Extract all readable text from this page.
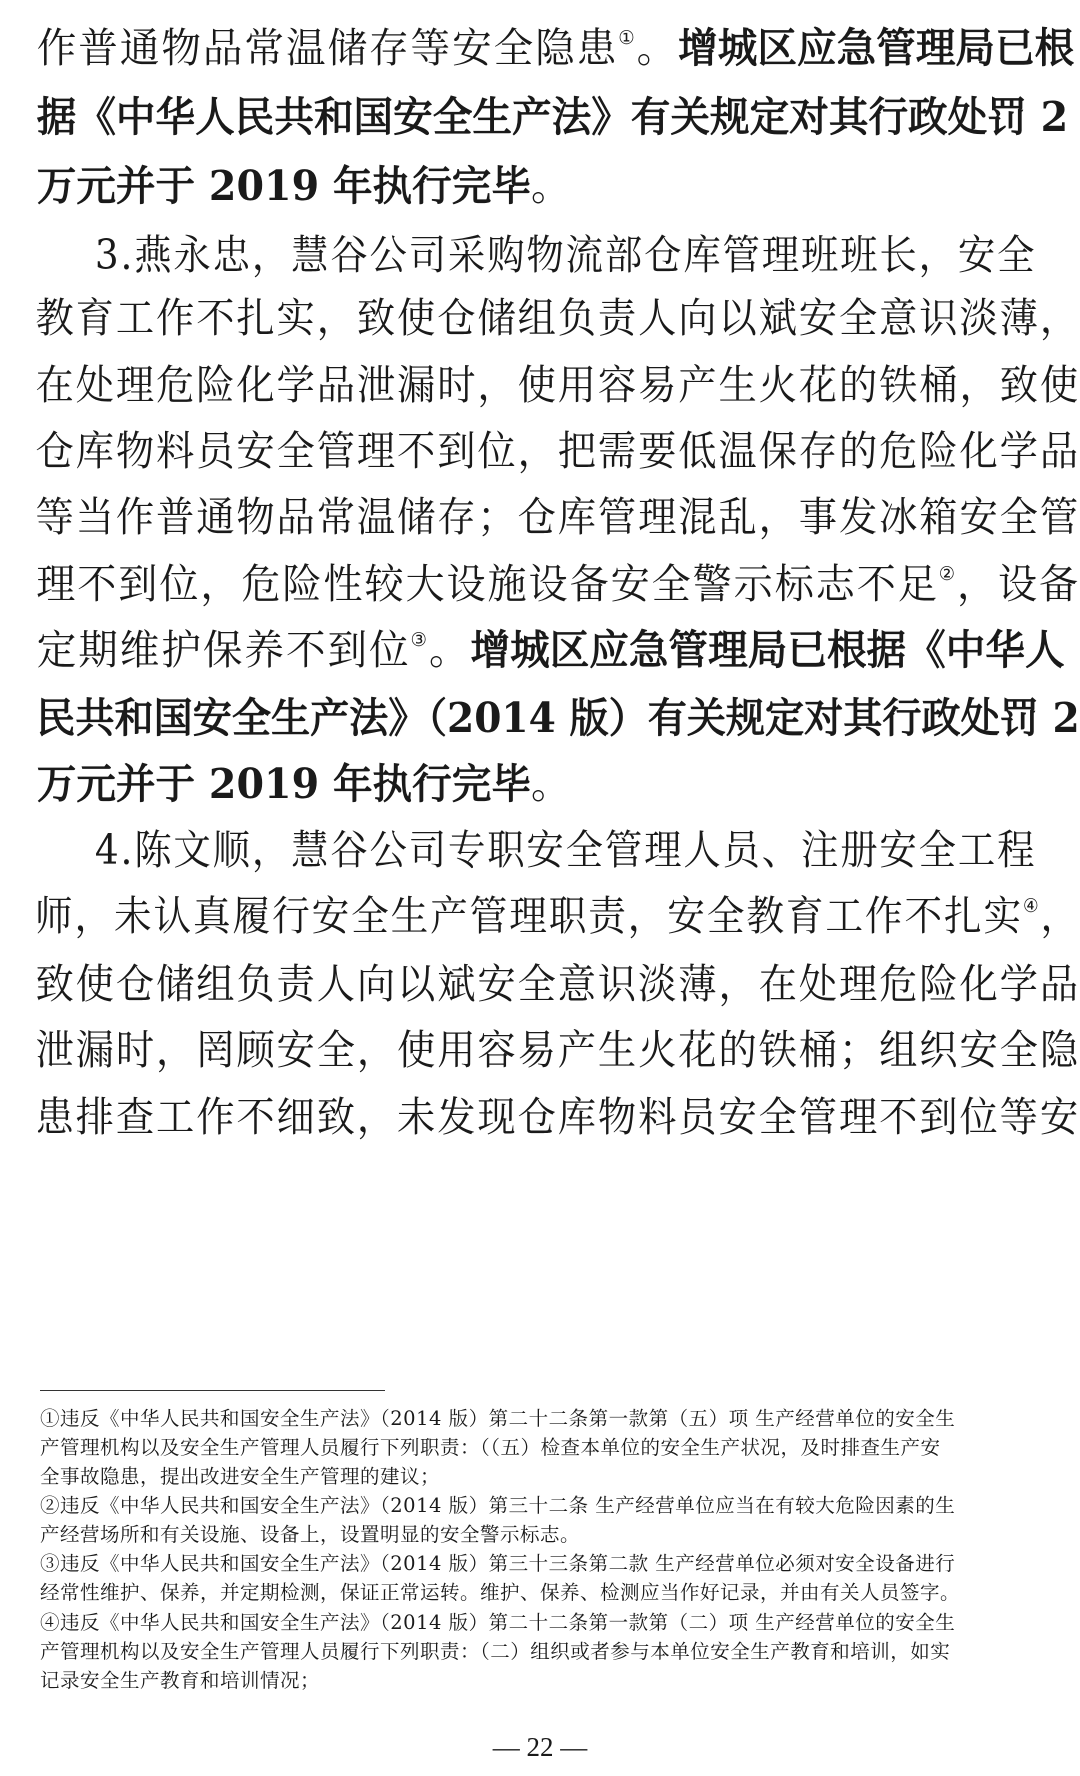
作普通物品常温储存等安全隐患①。增城区应急管理局已根
据《中华人民共和国安全生产法》有关规定对其行政处罚 2
万元并于 2019 年执行完毕。
3.燕永忠，慧谷公司采购物流部仓库管理班班长，安全
教育工作不扎实，致使仓储组负责人向以斌安全意识淡薄，
在处理危险化学品泄漏时，使用容易产生火花的铁桶，致使
仓库物料员安全管理不到位，把需要低温保存的危险化学品
等当作普通物品常温储存；仓库管理混乱，事发冰箱安全管
理不到位，危险性较大设施设备安全警示标志不足②，设备
定期维护保养不到位③。增城区应急管理局已根据《中华人
民共和国安全生产法》（2014 版）有关规定对其行政处罚 2
万元并于 2019 年执行完毕。
4.陈文顺，慧谷公司专职安全管理人员、注册安全工程
师，未认真履行安全生产管理职责，安全教育工作不扎实④，
致使仓储组负责人向以斌安全意识淡薄，在处理危险化学品
泄漏时，罔顾安全，使用容易产生火花的铁桶；组织安全隐
患排查工作不细致，未发现仓库物料员安全管理不到位等安
①违反《中华人民共和国安全生产法》（2014 版）第二十二条第一款第（五）项 生产经营单位的安全生
产管理机构以及安全生产管理人员履行下列职责：（（五）检查本单位的安全生产状况，及时排查生产安
全事故隐患，提出改进安全生产管理的建议；
②违反《中华人民共和国安全生产法》（2014 版）第三十二条 生产经营单位应当在有较大危险因素的生
产经营场所和有关设施、设备上，设置明显的安全警示标志。
③违反《中华人民共和国安全生产法》（2014 版）第三十三条第二款 生产经营单位必须对安全设备进行
经常性维护、保养，并定期检测，保证正常运转。维护、保养、检测应当作好记录，并由有关人员签字。
④违反《中华人民共和国安全生产法》（2014 版）第二十二条第一款第（二）项 生产经营单位的安全生
产管理机构以及安全生产管理人员履行下列职责：（二）组织或者参与本单位安全生产教育和培训，如实
记录安全生产教育和培训情况；
— 22 —
